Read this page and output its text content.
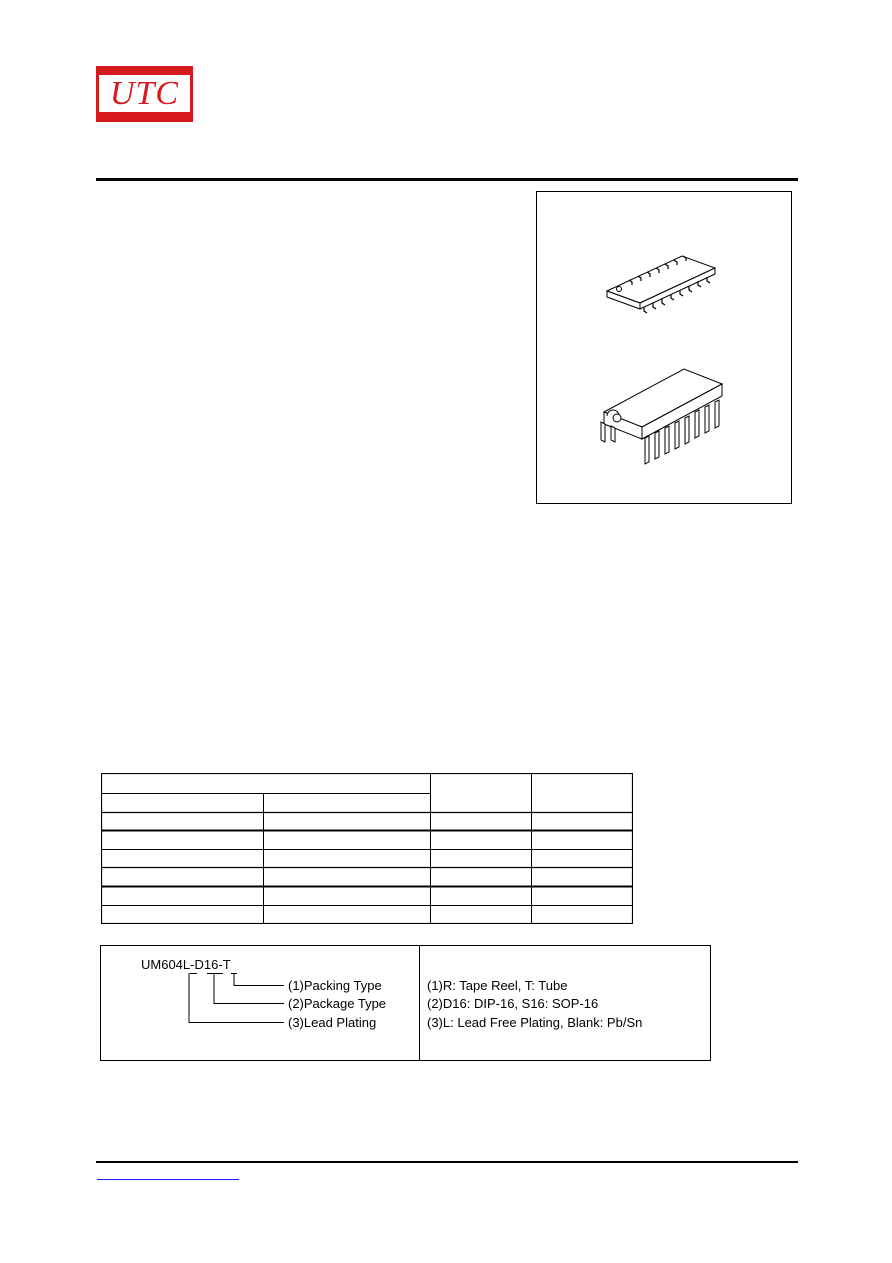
UTC
UM604L-D16-T
(1)Packing Type
(2)Package Type
(3)Lead Plating
(1)R: Tape Reel, T: Tube
(2)D16: DIP-16, S16: SOP-16
(3)L: Lead Free Plating, Blank: Pb/Sn
